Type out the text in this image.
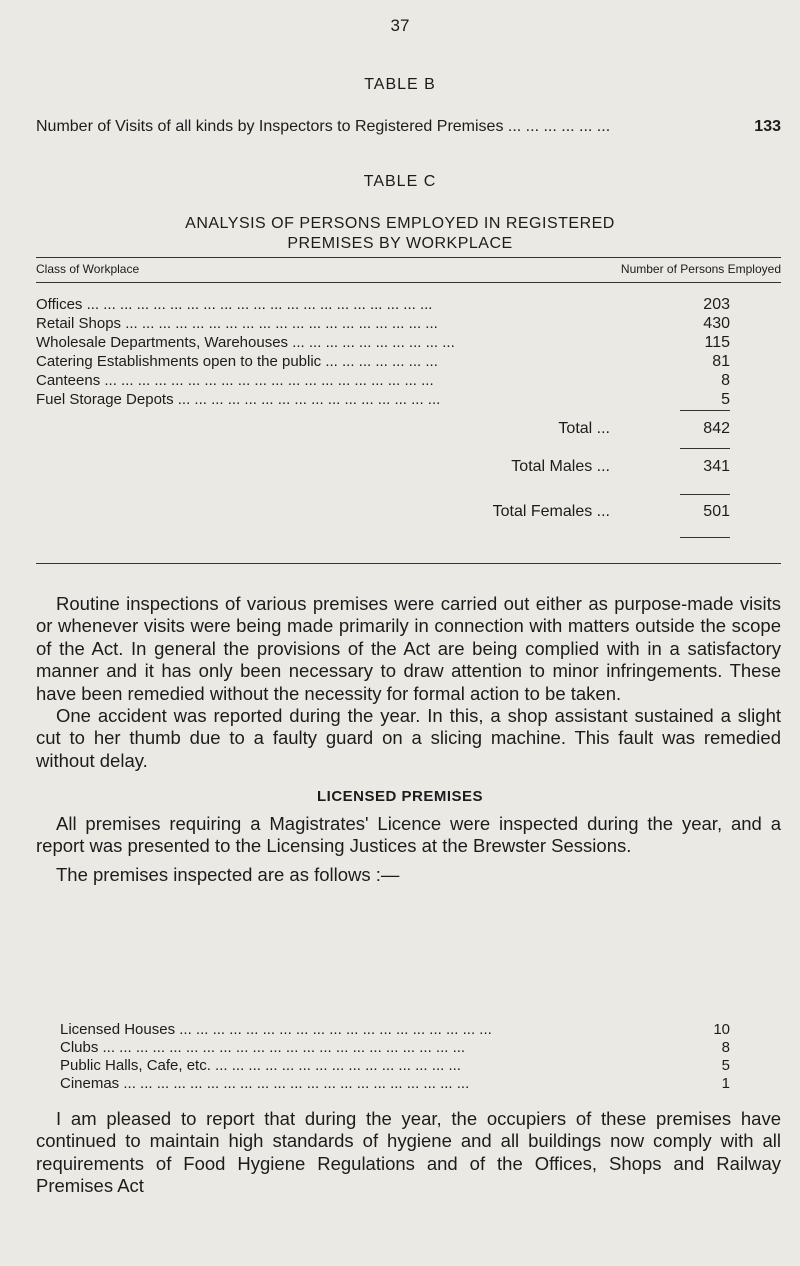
37
TABLE B
Number of Visits of all kinds by Inspectors to Registered Premises ... ... ... ... ... ...	133
TABLE C
ANALYSIS OF PERSONS EMPLOYED IN REGISTERED
PREMISES BY WORKPLACE
Class of Workplace	Number of Persons Employed
Offices ... ... ... ... ... ... ... ... ... ... ... ... ... ... ... ... ... ... ... ... ...	203
Retail Shops ... ... ... ... ... ... ... ... ... ... ... ... ... ... ... ... ... ... ...	430
Wholesale Departments, Warehouses ... ... ... ... ... ... ... ... ... ...	115
Catering Establishments open to the public ... ... ... ... ... ... ...	81
Canteens ... ... ... ... ... ... ... ... ... ... ... ... ... ... ... ... ... ... ... ...	8
Fuel Storage Depots ... ... ... ... ... ... ... ... ... ... ... ... ... ... ... ...	5
Total ...	842
Total Males ...	341
Total Females ...	501

Routine inspections of various premises were carried out either as purpose-made visits or whenever visits were being made primarily in connection with matters outside the scope of the Act. In general the provisions of the Act are being complied with in a satisfactory manner and it has only been necessary to draw attention to minor infringements. These have been remedied without the necessity for formal action to be taken.

One accident was reported during the year. In this, a shop assistant sustained a slight cut to her thumb due to a faulty guard on a slicing machine. This fault was remedied without delay.

LICENSED PREMISES

All premises requiring a Magistrates' Licence were inspected during the year, and a report was presented to the Licensing Justices at the Brewster Sessions.

The premises inspected are as follows :—

Licensed Houses ... ... ... ... ... ... ... ... ... ... ... ... ... ... ... ... ... ... ...	10
Clubs ... ... ... ... ... ... ... ... ... ... ... ... ... ... ... ... ... ... ... ... ... ...	8
Public Halls, Cafe, etc. ... ... ... ... ... ... ... ... ... ... ... ... ... ... ...	5
Cinemas ... ... ... ... ... ... ... ... ... ... ... ... ... ... ... ... ... ... ... ... ...	1

I am pleased to report that during the year, the occupiers of these premises have continued to maintain high standards of hygiene and all buildings now comply with all requirements of Food Hygiene Regulations and of the Offices, Shops and Railway Premises Act
